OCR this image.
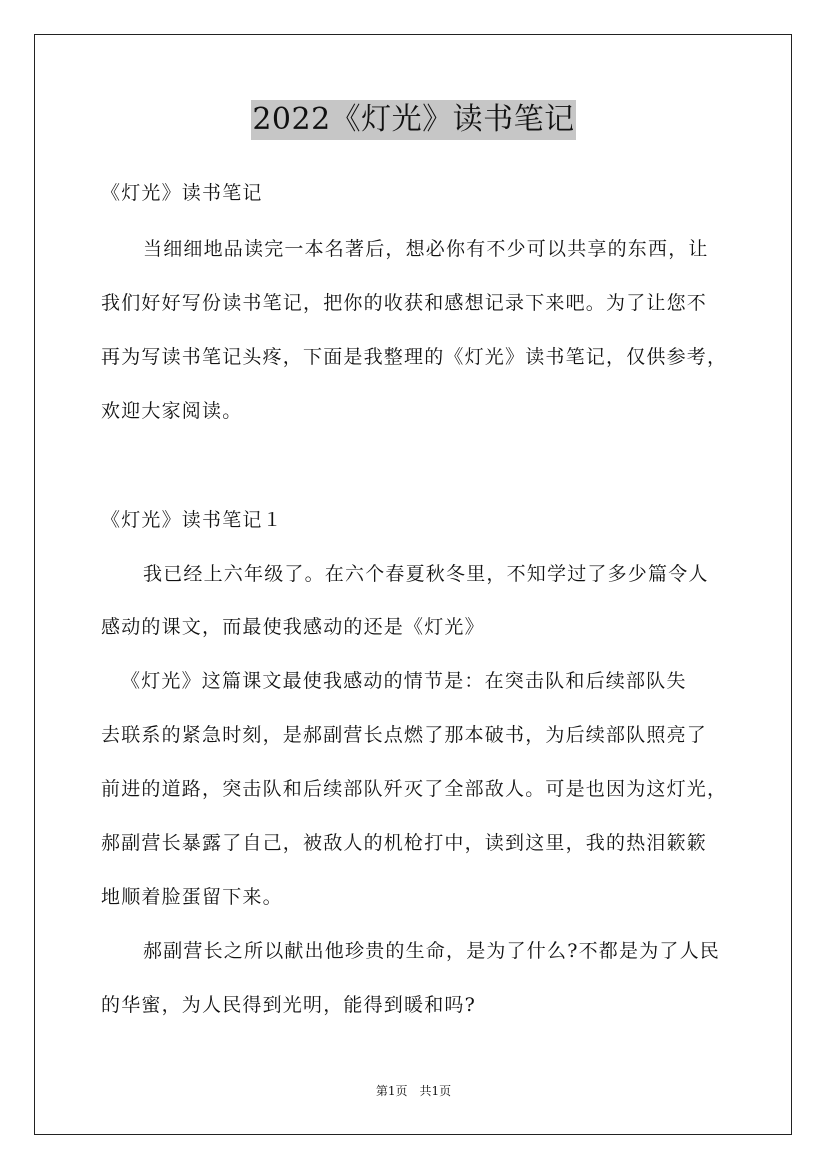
2022《灯光》读书笔记
《灯光》读书笔记
当细细地品读完一本名著后，想必你有不少可以共享的东西，让
我们好好写份读书笔记，把你的收获和感想记录下来吧。为了让您不
再为写读书笔记头疼，下面是我整理的《灯光》读书笔记，仅供参考，
欢迎大家阅读。
《灯光》读书笔记１
我已经上六年级了。在六个春夏秋冬里，不知学过了多少篇令人
感动的课文，而最使我感动的还是《灯光》
《灯光》这篇课文最使我感动的情节是：在突击队和后续部队失
去联系的紧急时刻，是郝副营长点燃了那本破书，为后续部队照亮了
前进的道路，突击队和后续部队歼灭了全部敌人。可是也因为这灯光，
郝副营长暴露了自己，被敌人的机枪打中，读到这里，我的热泪簌簌
地顺着脸蛋留下来。
郝副营长之所以献出他珍贵的生命，是为了什么?不都是为了人民
的华蜜，为人民得到光明，能得到暖和吗?
第1页 共1页
